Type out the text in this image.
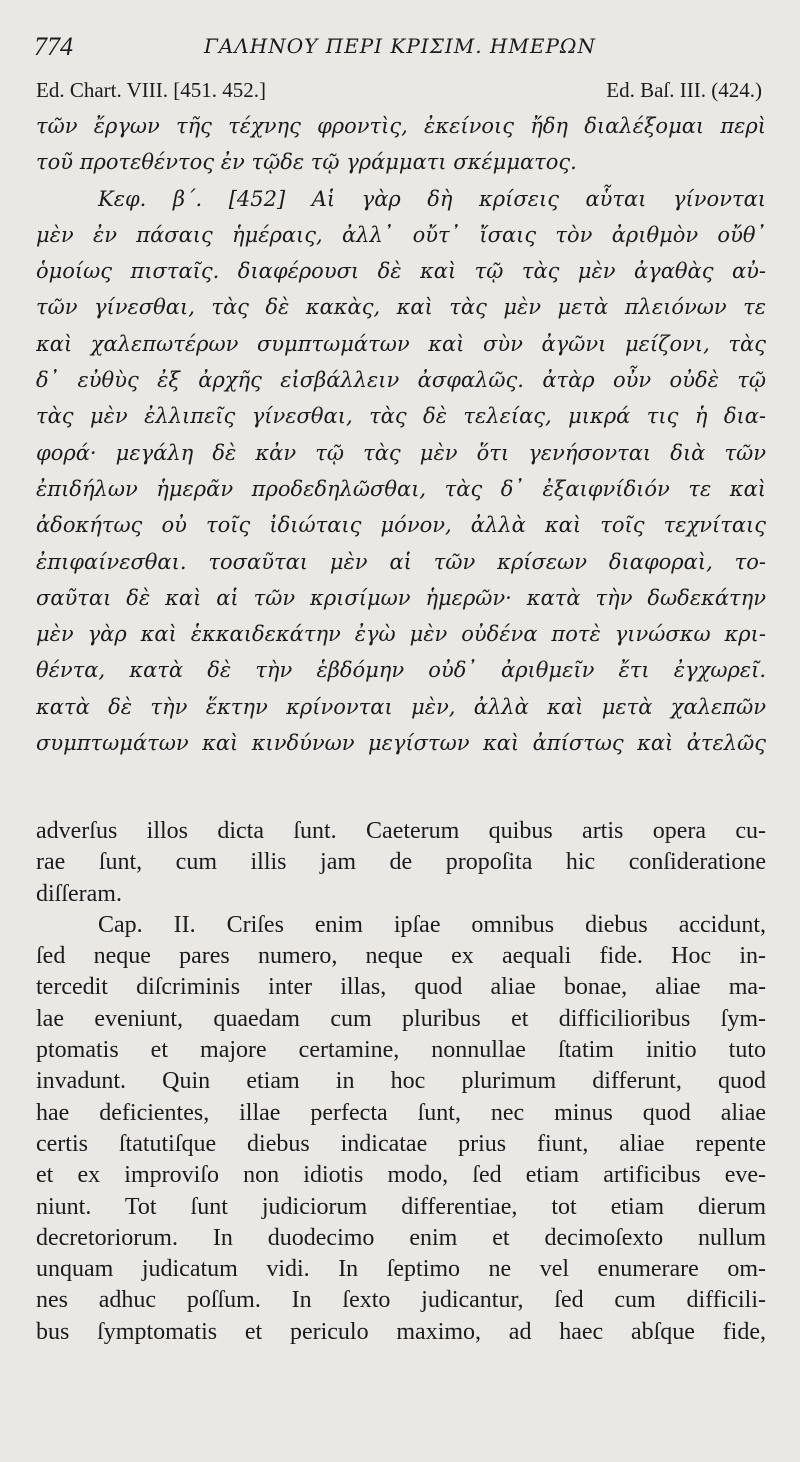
774	ΓΑΛΗΝΟΥ ΠΕΡΙ ΚΡΙΣΙΜ. ΗΜΕΡΩΝ
Ed. Chart. VIII. [451. 452.]	Ed. Baſ. III. (424.)
τῶν ἔργων τῆς τέχνης φροντὶς, ἐκείνοις ἤδη διαλέξομαι περὶ
τοῦ προτεθέντος ἐν τῷδε τῷ γράμματι σκέμματος.
Κεφ. β΄. [452] Αἱ γὰρ δὴ κρίσεις αὗται γίνονται
μὲν ἐν πάσαις ἡμέραις, ἀλλ᾽ οὔτ᾽ ἴσαις τὸν ἀριθμὸν οὔθ᾽
ὁμοίως πισταῖς. διαφέρουσι δὲ καὶ τῷ τὰς μὲν ἀγαθὰς αὐ-
τῶν γίνεσθαι, τὰς δὲ κακὰς, καὶ τὰς μὲν μετὰ πλειόνων τε
καὶ χαλεπωτέρων συμπτωμάτων καὶ σὺν ἀγῶνι μείζονι, τὰς
δ᾽ εὐθὺς ἐξ ἀρχῆς εἰσβάλλειν ἀσφαλῶς. ἀτὰρ οὖν οὐδὲ τῷ
τὰς μὲν ἐλλιπεῖς γίνεσθαι, τὰς δὲ τελείας, μικρά τις ἡ δια-
φορά· μεγάλη δὲ κἀν τῷ τὰς μὲν ὅτι γενήσονται διὰ τῶν
ἐπιδήλων ἡμερᾶν προδεδηλῶσθαι, τὰς δ᾽ ἐξαιφνίδιόν τε καὶ
ἀδοκήτως οὐ τοῖς ἰδιώταις μόνον, ἀλλὰ καὶ τοῖς τεχνίταις
ἐπιφαίνεσθαι. τοσαῦται μὲν αἱ τῶν κρίσεων διαφοραὶ, το-
σαῦται δὲ καὶ αἱ τῶν κρισίμων ἡμερῶν· κατὰ τὴν δωδεκάτην
μὲν γὰρ καὶ ἑκκαιδεκάτην ἐγὼ μὲν οὐδένα ποτὲ γινώσκω κρι-
θέντα, κατὰ δὲ τὴν ἑβδόμην οὐδ᾽ ἀριθμεῖν ἔτι ἐγχωρεῖ.
κατὰ δὲ τὴν ἕκτην κρίνονται μὲν, ἀλλὰ καὶ μετὰ χαλεπῶν
συμπτωμάτων καὶ κινδύνων μεγίστων καὶ ἀπίστως καὶ ἀτελῶς
adverſus illos dicta ſunt. Caeterum quibus artis opera cu-
rae ſunt, cum illis jam de propoſita hic conſideratione
diſſeram.
Cap. II. Criſes enim ipſae omnibus diebus accidunt,
ſed neque pares numero, neque ex aequali fide. Hoc in-
tercedit diſcriminis inter illas, quod aliae bonae, aliae ma-
lae eveniunt, quaedam cum pluribus et difficilioribus ſym-
ptomatis et majore certamine, nonnullae ſtatim initio tuto
invadunt. Quin etiam in hoc plurimum differunt, quod
hae deficientes, illae perfecta ſunt, nec minus quod aliae
certis ſtatutiſque diebus indicatae prius fiunt, aliae repente
et ex improviſo non idiotis modo, ſed etiam artificibus eve-
niunt. Tot ſunt judiciorum differentiae, tot etiam dierum
decretoriorum. In duodecimo enim et decimoſexto nullum
unquam judicatum vidi. In ſeptimo ne vel enumerare om-
nes adhuc poſſum. In ſexto judicantur, ſed cum difficili-
bus ſymptomatis et periculo maximo, ad haec abſque fide,
